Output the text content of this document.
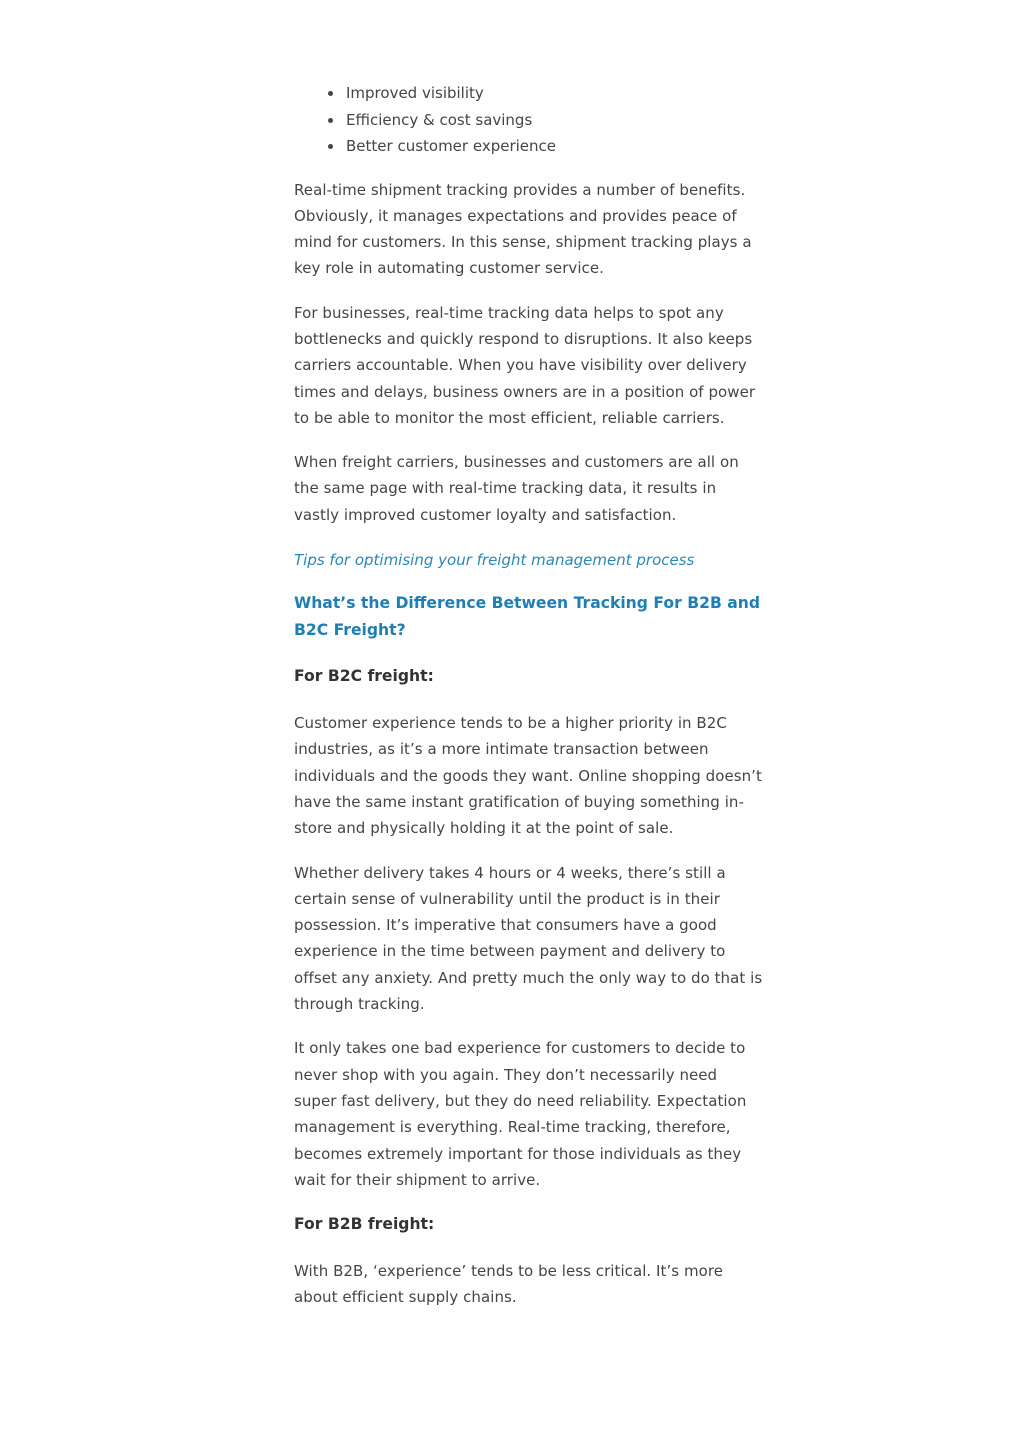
Improved visibility
Efficiency & cost savings
Better customer experience

Real-time shipment tracking provides a number of benefits. Obviously, it manages expectations and provides peace of mind for customers. In this sense, shipment tracking plays a key role in automating customer service.

For businesses, real-time tracking data helps to spot any bottlenecks and quickly respond to disruptions. It also keeps carriers accountable. When you have visibility over delivery times and delays, business owners are in a position of power to be able to monitor the most efficient, reliable carriers.

When freight carriers, businesses and customers are all on the same page with real-time tracking data, it results in vastly improved customer loyalty and satisfaction.

Tips for optimising your freight management process
What’s the Difference Between Tracking For B2B and B2C Freight?
For B2C freight:

Customer experience tends to be a higher priority in B2C industries, as it’s a more intimate transaction between individuals and the goods they want. Online shopping doesn’t have the same instant gratification of buying something in-store and physically holding it at the point of sale.

Whether delivery takes 4 hours or 4 weeks, there’s still a certain sense of vulnerability until the product is in their possession. It’s imperative that consumers have a good experience in the time between payment and delivery to offset any anxiety. And pretty much the only way to do that is through tracking.

It only takes one bad experience for customers to decide to never shop with you again. They don’t necessarily need super fast delivery, but they do need reliability. Expectation management is everything. Real-time tracking, therefore, becomes extremely important for those individuals as they wait for their shipment to arrive.

For B2B freight:

With B2B, ‘experience’ tends to be less critical. It’s more about efficient supply chains.
